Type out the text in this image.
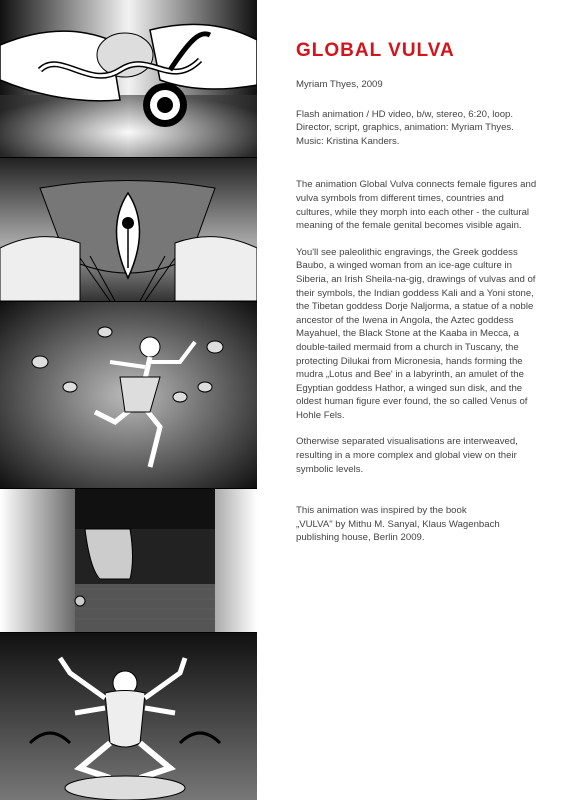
GLOBAL VULVA

Myriam Thyes, 2009

Flash animation / HD video, b/w, stereo, 6:20, loop.

Director, script, graphics, animation: Myriam Thyes.

Music: Kristina Kanders.

The animation Global Vulva connects female figures and vulva symbols from different times, countries and cultures, while they morph into each other - the cultural meaning of the female genital becomes visible again.

You'll see paleolithic engravings, the Greek goddess Baubo, a winged woman from an ice-age culture in Siberia, an Irish Sheila-na-gig, drawings of vulvas and of their symbols, the Indian goddess Kali and a Yoni stone, the Tibetan goddess Dorje Naljorma, a statue of a noble ancestor of the Iwena in Angola, the Aztec goddess Mayahuel, the Black Stone at the Kaaba in Mecca, a double-tailed mermaid from a church in Tuscany, the protecting Dilukai from Micronesia, hands forming the mudra „Lotus and Bee' in a labyrinth, an amulet of the Egyptian goddess Hathor, a winged sun disk, and the oldest human figure ever found, the so called Venus of Hohle Fels.

Otherwise separated visualisations are interweaved, resulting in a more complex and global view on their symbolic levels.

This animation was inspired by the book

„VULVA" by Mithu M. Sanyal, Klaus Wagenbach

publishing house, Berlin 2009.
